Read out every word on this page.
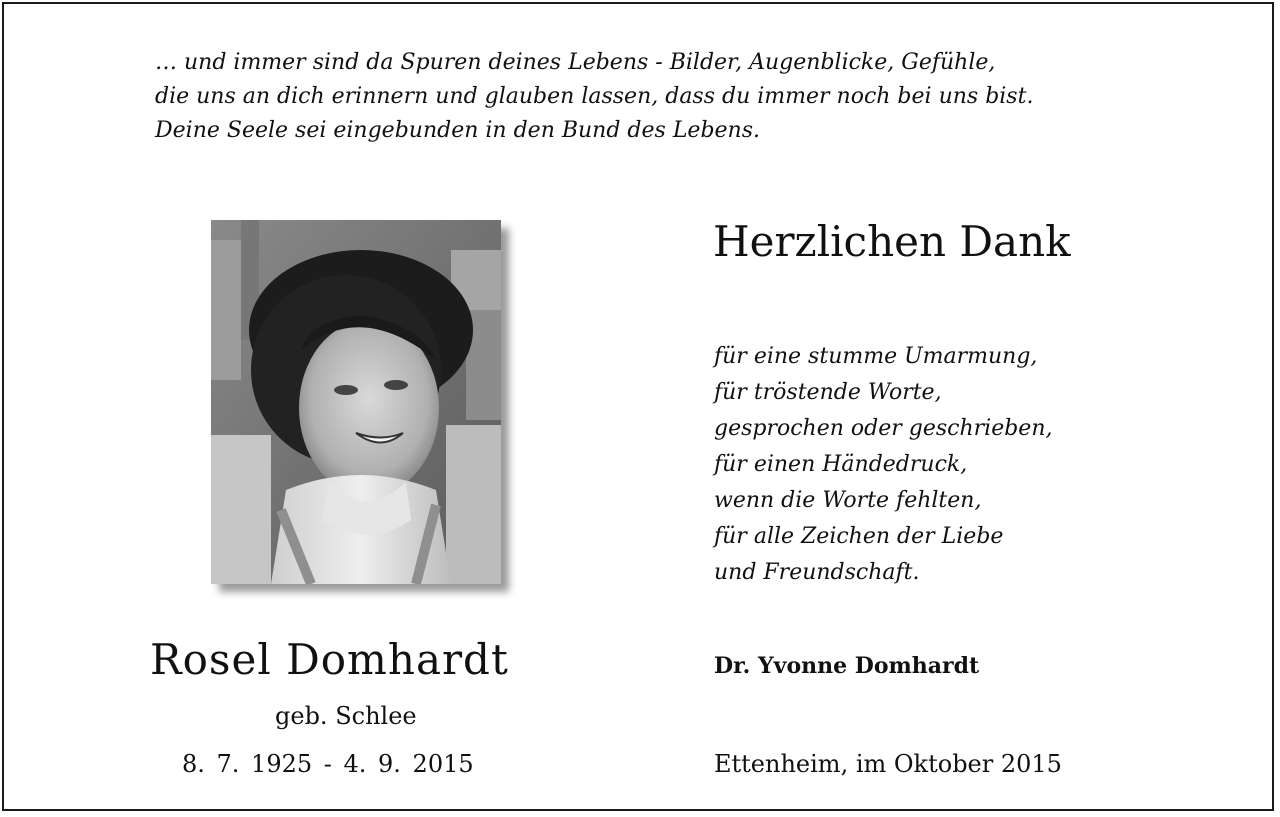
… und immer sind da Spuren deines Lebens - Bilder, Augenblicke, Gefühle,
die uns an dich erinnern und glauben lassen, dass du immer noch bei uns bist.
Deine Seele sei eingebunden in den Bund des Lebens.
Rosel Domhardt
geb. Schlee
8. 7. 1925 - 4. 9. 2015
Herzlichen Dank
für eine stumme Umarmung,
für tröstende Worte,
gesprochen oder geschrieben,
für einen Händedruck,
wenn die Worte fehlten,
für alle Zeichen der Liebe
und Freundschaft.
Dr. Yvonne Domhardt
Ettenheim, im Oktober 2015
